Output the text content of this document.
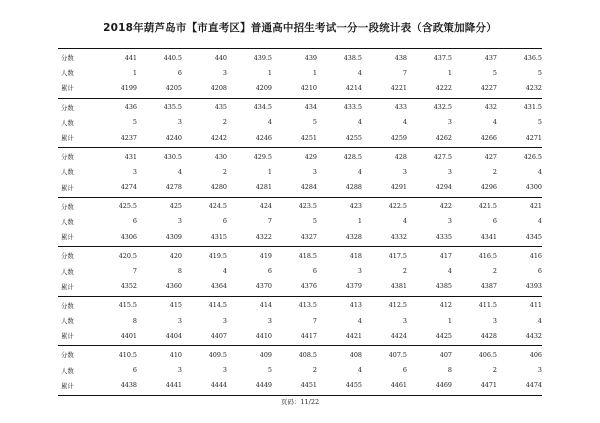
2018年葫芦岛市【市直考区】普通高中招生考试一分一段统计表（含政策加降分）
分数	441	440.5	440	439.5	439	438.5	438	437.5	437	436.5
人数	1	6	3	1	1	4	7	1	5	5
累计	4199	4205	4208	4209	4210	4214	4221	4222	4227	4232
分数	436	435.5	435	434.5	434	433.5	433	432.5	432	431.5
人数	5	3	2	4	5	4	4	3	4	5
累计	4237	4240	4242	4246	4251	4255	4259	4262	4266	4271
分数	431	430.5	430	429.5	429	428.5	428	427.5	427	426.5
人数	3	4	2	1	3	4	3	3	2	4
累计	4274	4278	4280	4281	4284	4288	4291	4294	4296	4300
分数	425.5	425	424.5	424	423.5	423	422.5	422	421.5	421
人数	6	3	6	7	5	1	4	3	6	4
累计	4306	4309	4315	4322	4327	4328	4332	4335	4341	4345
分数	420.5	420	419.5	419	418.5	418	417.5	417	416.5	416
人数	7	8	4	6	6	3	2	4	2	6
累计	4352	4360	4364	4370	4376	4379	4381	4385	4387	4393
分数	415.5	415	414.5	414	413.5	413	412.5	412	411.5	411
人数	8	3	3	3	7	4	3	1	3	4
累计	4401	4404	4407	4410	4417	4421	4424	4425	4428	4432
分数	410.5	410	409.5	409	408.5	408	407.5	407	406.5	406
人数	6	3	3	5	2	4	6	8	2	3
累计	4438	4441	4444	4449	4451	4455	4461	4469	4471	4474
页码：11/22
